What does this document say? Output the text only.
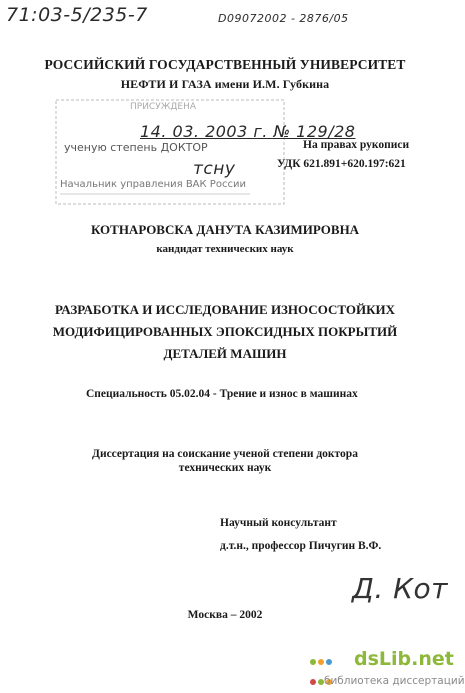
71:03-5/235-7	D09072002 - 2876/05
РОССИЙСКИЙ ГОСУДАРСТВЕННЫЙ УНИВЕРСИТЕТ
НЕФТИ И ГАЗА имени И.М. Губкина
ПРИСУЖДЕНА
ученую степень ДОКТОР
Начальник управления ВАК России
14. 03. 2003 г. № 129/28
тсну
На правах рукописи
УДК 621.891+620.197:621
КОТНАРОВСКА ДАНУТА КАЗИМИРОВНА
кандидат технических наук
РАЗРАБОТКА И ИССЛЕДОВАНИЕ ИЗНОСОСТОЙКИХ
МОДИФИЦИРОВАННЫХ ЭПОКСИДНЫХ ПОКРЫТИЙ
ДЕТАЛЕЙ МАШИН
Специальность 05.02.04 - Трение и износ в машинах
Диссертация на соискание ученой степени доктора
технических наук
Научный консультант
д.т.н., профессор Пичугин В.Ф.
Д. Кот
Москва – 2002
dsLib.net
библиотека диссертаций
